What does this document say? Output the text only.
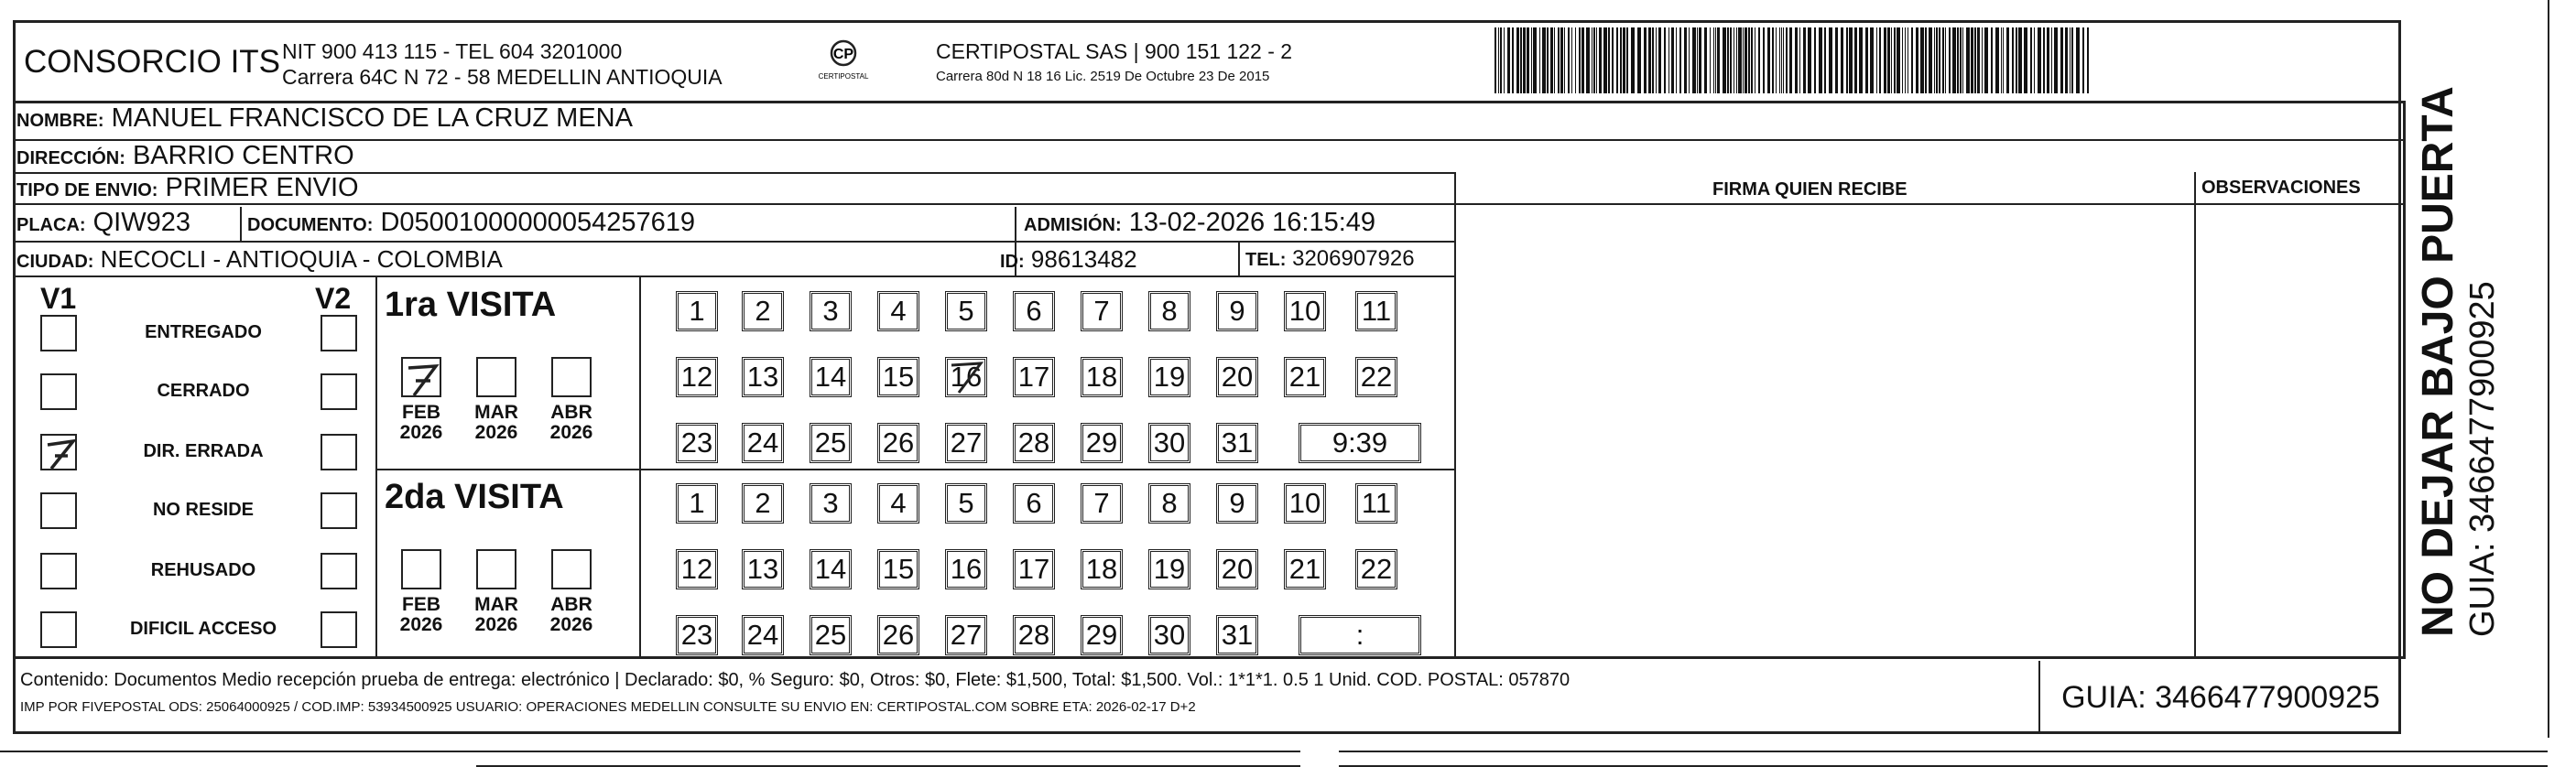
CONSORCIO ITS NIT 900 413 115 - TEL 604 3201000
Carrera 64C N 72 - 58 MEDELLIN ANTIOQUIA
CP
CERTIPOSTAL
CERTIPOSTAL SAS | 900 151 122 - 2
Carrera 80d N 18 16 Lic. 2519 De Octubre 23 De 2015
NOMBRE: MANUEL FRANCISCO DE LA CRUZ MENA
DIRECCIÓN: BARRIO CENTRO
TIPO DE ENVIO: PRIMER ENVIO
PLACA: QIW923	DOCUMENTO: D05001000000054257619	ADMISIÓN: 13-02-2026 16:15:49
CIUDAD: NECOCLI - ANTIOQUIA - COLOMBIA	ID: 98613482	TEL: 3206907926
FIRMA QUIEN RECIBE	OBSERVACIONES
V1	V2
ENTREGADO
CERRADO
DIR. ERRADA
NO RESIDE
REHUSADO
DIFICIL ACCESO
1ra VISITA
2da VISITA
FEB
2026
MAR
2026
ABR
2026
1	2	3	4	5	6	7	8	9	10 11
12 13 14 15 16 17 18 19 20 21 22
23 24 25 26 27 28 29 30 31	9:39
FEB
2026
MAR
2026
ABR
2026
1	2	3	4	5	6	7	8	9	10 11
12 13 14 15 16 17 18 19 20 21 22
23 24 25 26 27 28 29 30 31	:
Contenido: Documentos Medio recepción prueba de entrega: electrónico | Declarado: $0, % Seguro: $0, Otros: $0, Flete: $1,500, Total: $1,500. Vol.: 1*1*1. 0.5 1 Unid. COD. POSTAL: 057870
IMP POR FIVEPOSTAL ODS: 25064000925 / COD.IMP: 53934500925 USUARIO: OPERACIONES MEDELLIN CONSULTE SU ENVIO EN: CERTIPOSTAL.COM SOBRE ETA: 2026-02-17 D+2	GUIA: 3466477900925
NO DEJAR BAJO PUERTA GUIA: 3466477900925
